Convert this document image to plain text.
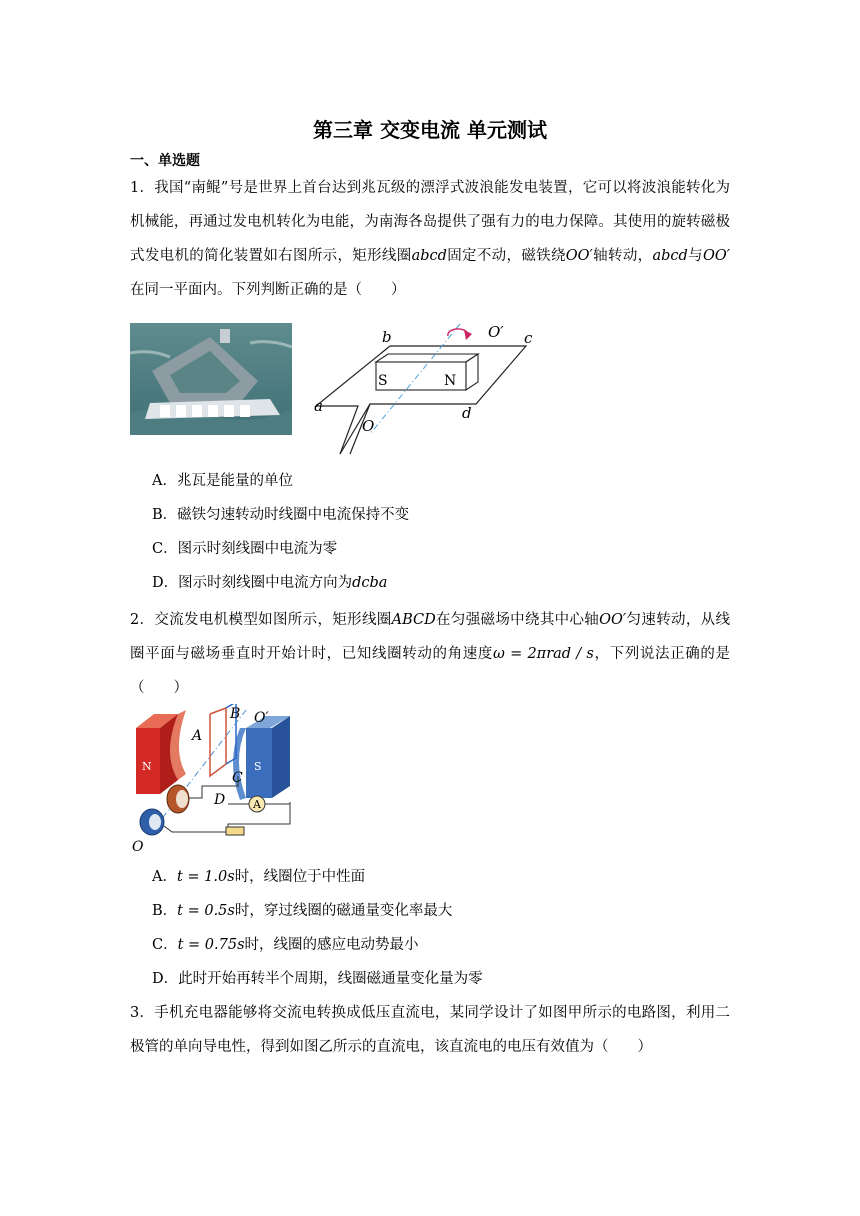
第三章 交变电流 单元测试
一、单选题
1．我国“南鲲”号是世界上首台达到兆瓦级的漂浮式波浪能发电装置，它可以将波浪能转化为机械能，再通过发电机转化为电能，为南海各岛提供了强有力的电力保障。其使用的旋转磁极式发电机的简化装置如右图所示，矩形线圈abcd固定不动，磁铁绕OO′轴转动，abcd与OO′在同一平面内。下列判断正确的是（　　）
b	c
a	d
O
O′
S	N
A．兆瓦是能量的单位
B．磁铁匀速转动时线圈中电流保持不变
C．图示时刻线圈中电流为零
D．图示时刻线圈中电流方向为dcba
2．交流发电机模型如图所示，矩形线圈ABCD在匀强磁场中绕其中心轴OO′匀速转动，从线圈平面与磁场垂直时开始计时，已知线圈转动的角速度ω = 2πrad / s，下列说法正确的是（　　）
A
N	S
A
B
C
D
O
O′
A．t = 1.0s时，线圈位于中性面
B．t = 0.5s时，穿过线圈的磁通量变化率最大
C．t = 0.75s时，线圈的感应电动势最小
D．此时开始再转半个周期，线圈磁通量变化量为零
3．手机充电器能够将交流电转换成低压直流电，某同学设计了如图甲所示的电路图，利用二极管的单向导电性，得到如图乙所示的直流电，该直流电的电压有效值为（　　）
